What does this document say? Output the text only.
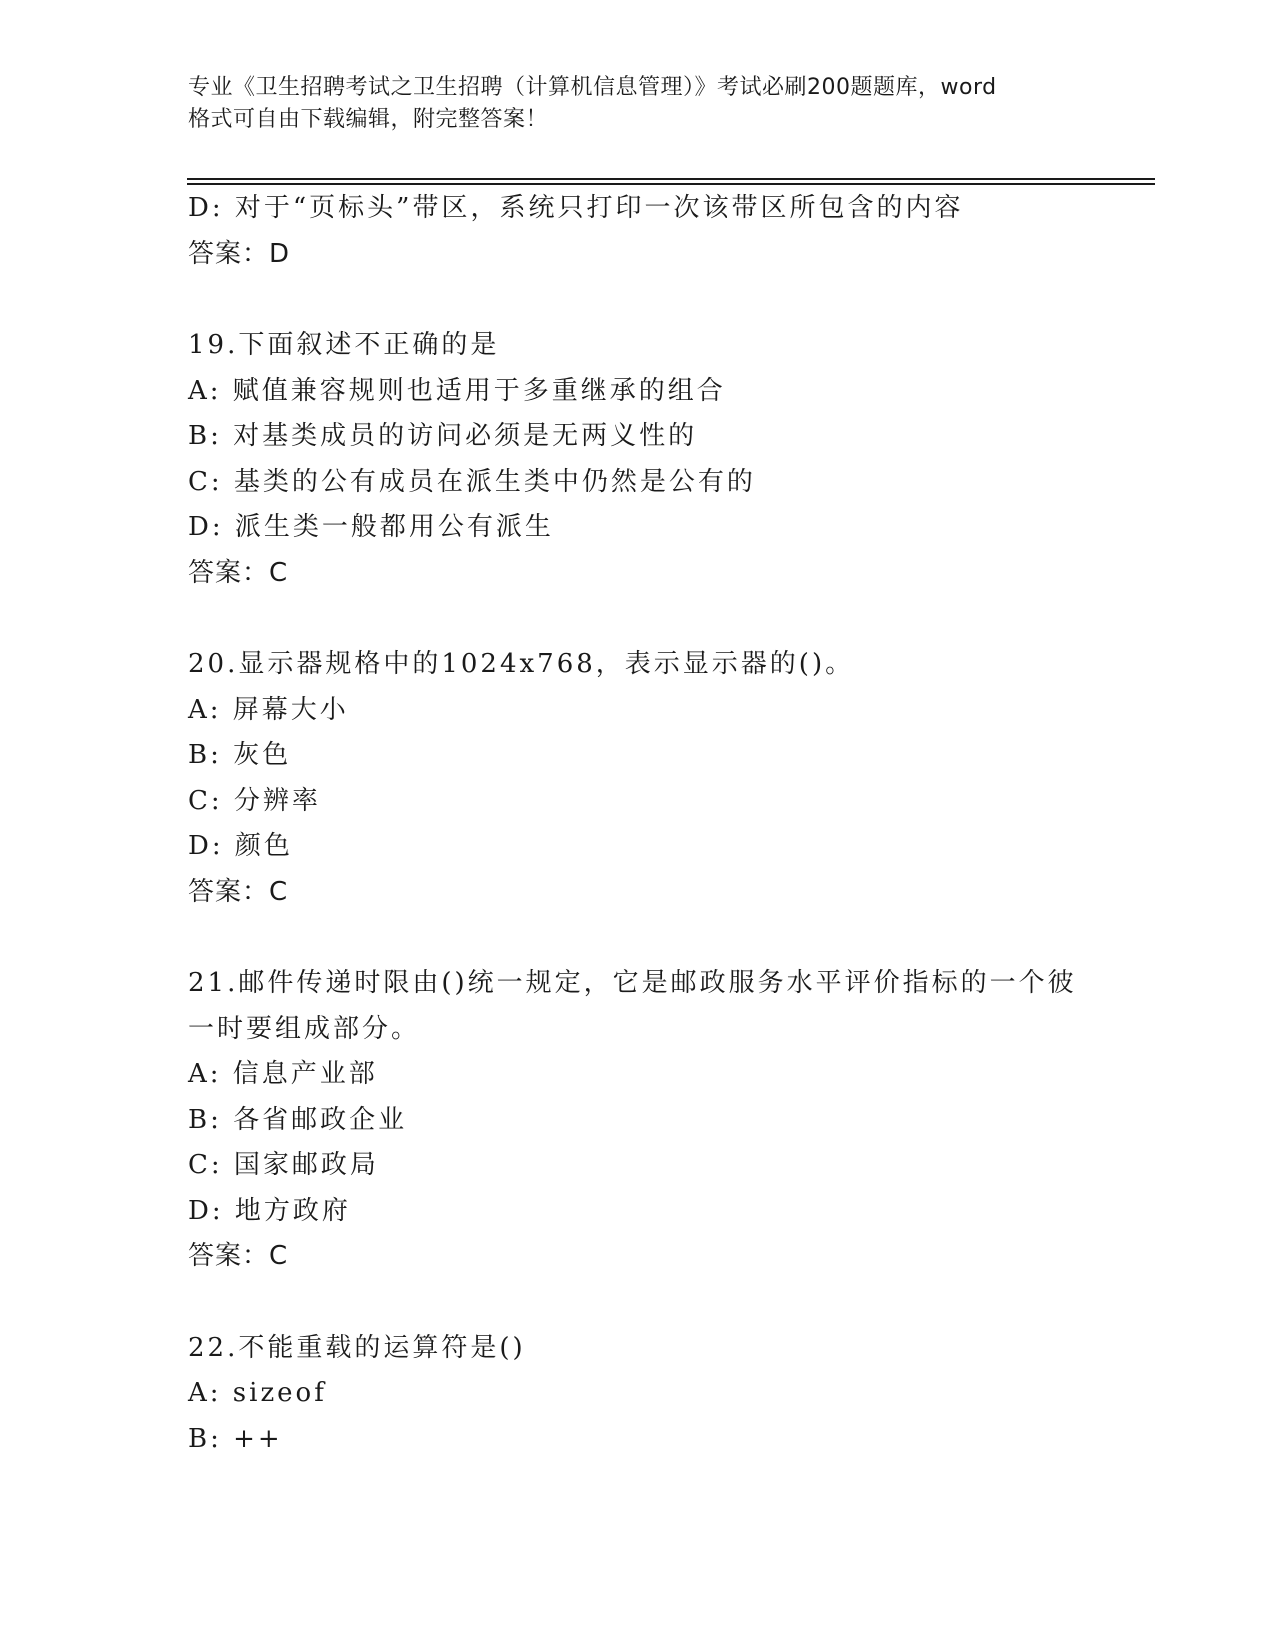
专业《卫生招聘考试之卫生招聘（计算机信息管理）》考试必刷200题题库，word
格式可自由下载编辑，附完整答案！
D: 对于“页标头”带区，系统只打印一次该带区所包含的内容
答案：D
19.下面叙述不正确的是
A: 赋值兼容规则也适用于多重继承的组合
B: 对基类成员的访问必须是无两义性的
C: 基类的公有成员在派生类中仍然是公有的
D: 派生类一般都用公有派生
答案：C
20.显示器规格中的1024x768，表示显示器的()。
A: 屏幕大小
B: 灰色
C: 分辨率
D: 颜色
答案：C
21.邮件传递时限由()统一规定，它是邮政服务水平评价指标的一个彼
一时要组成部分。
A: 信息产业部
B: 各省邮政企业
C: 国家邮政局
D: 地方政府
答案：C
22.不能重载的运算符是()
A: sizeof
B: ++
